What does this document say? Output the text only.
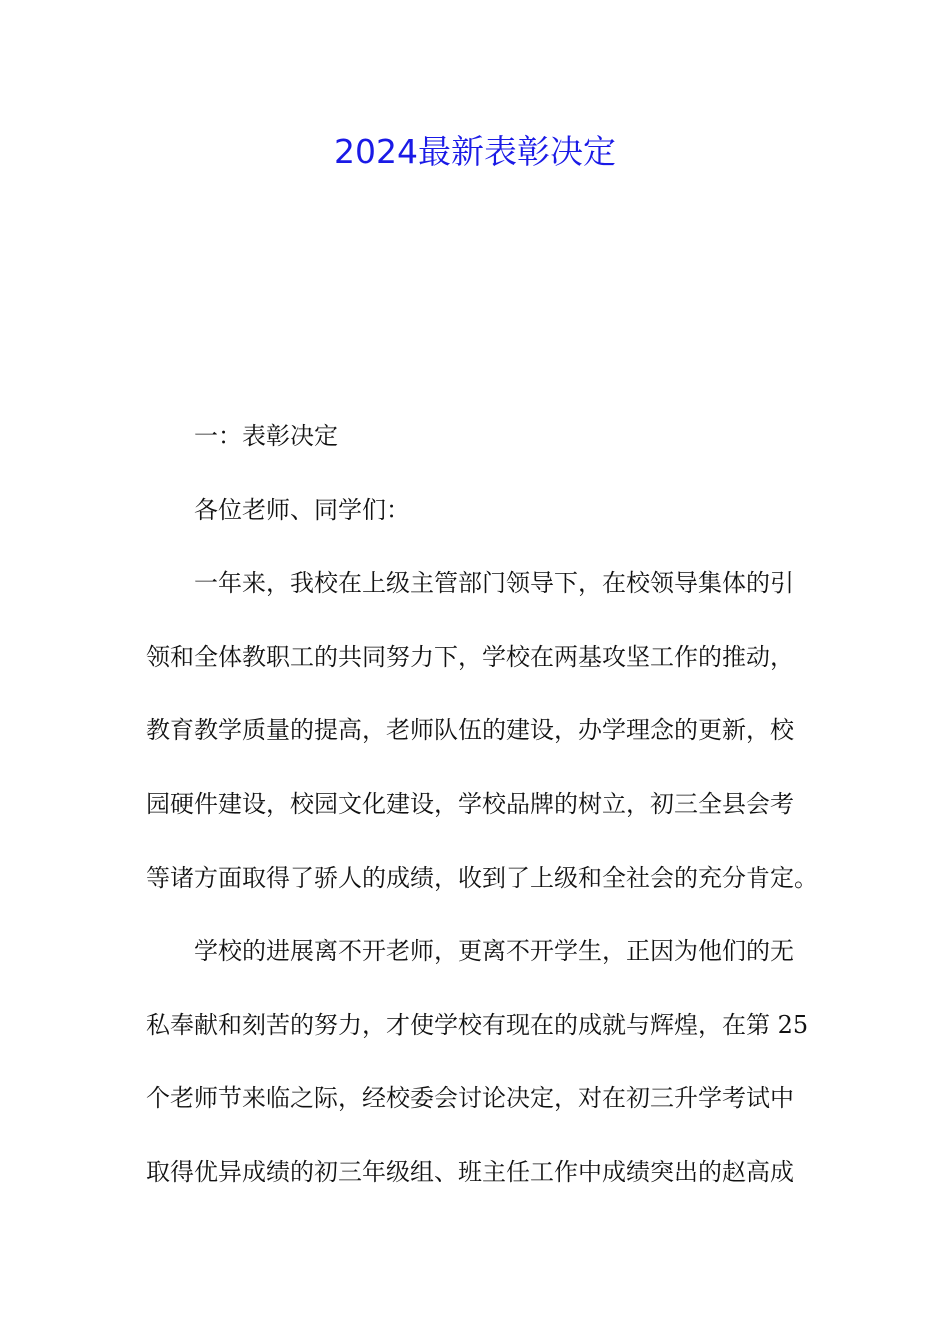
2024最新表彰决定

一：表彰决定

各位老师、同学们：

一年来，我校在上级主管部门领导下，在校领导集体的引

领和全体教职工的共同努力下，学校在两基攻坚工作的推动，

教育教学质量的提高，老师队伍的建设，办学理念的更新，校

园硬件建设，校园文化建设，学校品牌的树立，初三全县会考

等诸方面取得了骄人的成绩，收到了上级和全社会的充分肯定。

学校的进展离不开老师，更离不开学生，正因为他们的无

私奉献和刻苦的努力，才使学校有现在的成就与辉煌，在第 25

个老师节来临之际，经校委会讨论决定，对在初三升学考试中

取得优异成绩的初三年级组、班主任工作中成绩突出的赵高成
